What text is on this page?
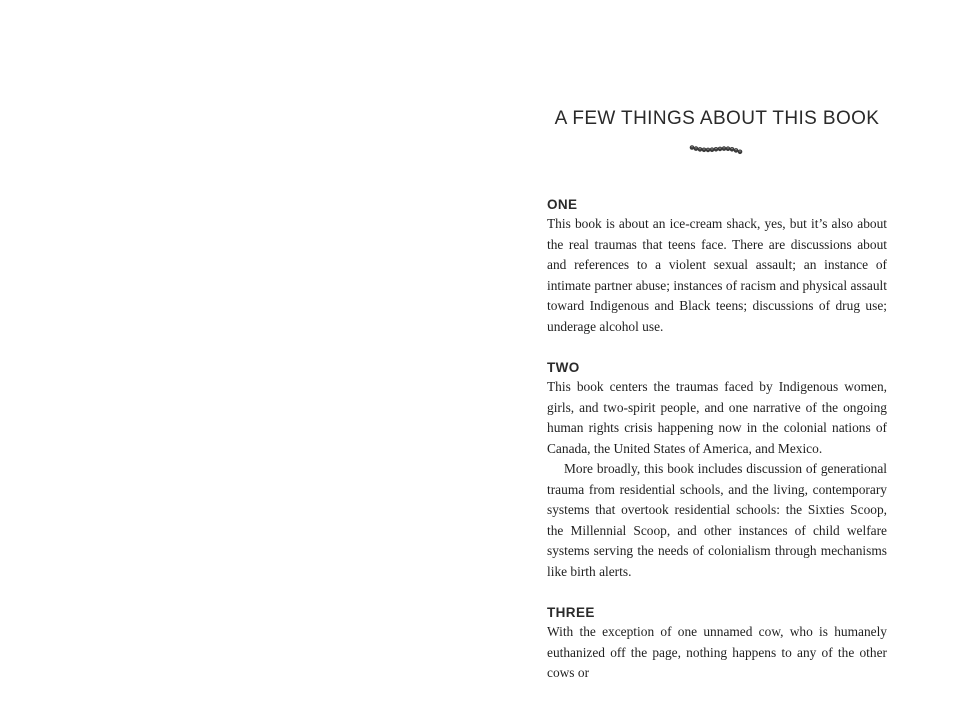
A FEW THINGS ABOUT THIS BOOK
ONE

This book is about an ice-cream shack, yes, but it’s also about the real traumas that teens face. There are discussions about and references to a violent sexual assault; an instance of intimate partner abuse; instances of racism and physical assault toward Indigenous and Black teens; discussions of drug use; underage alcohol use.

TWO

This book centers the traumas faced by Indigenous women, girls, and two-spirit people, and one narrative of the ongoing human rights crisis happening now in the colonial nations of Canada, the United States of America, and Mexico.

More broadly, this book includes discussion of generational trauma from residential schools, and the living, contemporary systems that overtook residential schools: the Sixties Scoop, the Millennial Scoop, and other instances of child welfare systems serving the needs of colonialism through mechanisms like birth alerts.

THREE

With the exception of one unnamed cow, who is humanely euthanized off the page, nothing happens to any of the other cows or
